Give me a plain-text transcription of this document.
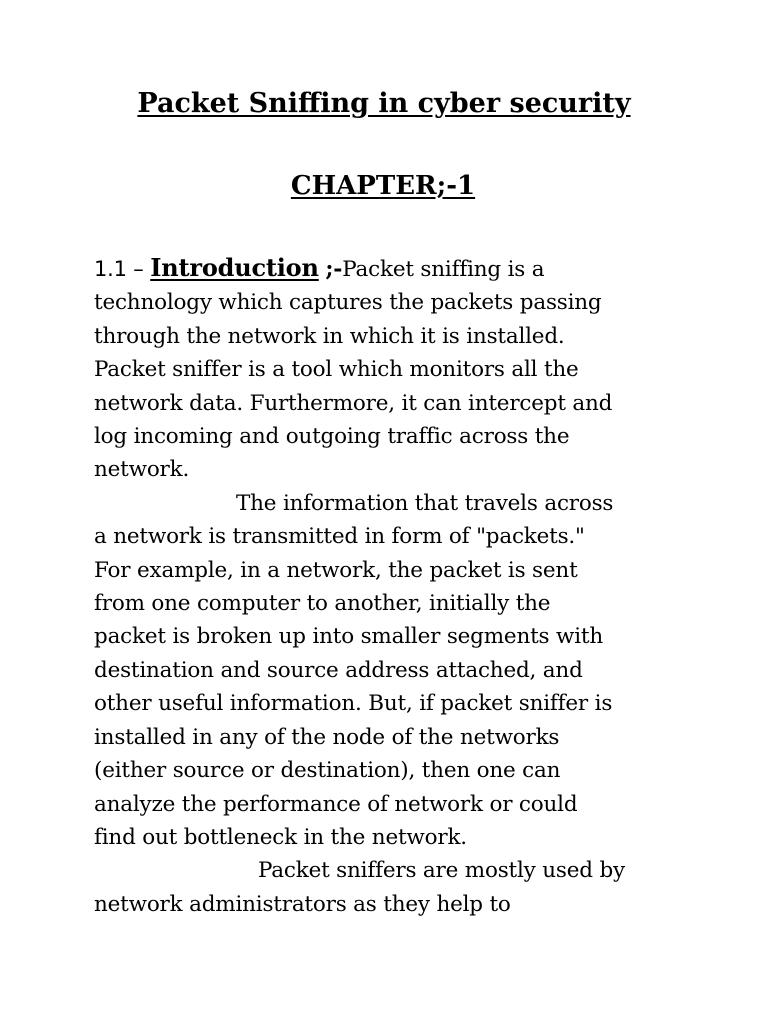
Packet Sniffing in cyber security
CHAPTER;-1
1.1 – Introduction ;-Packet sniffing is a
technology which captures the packets passing
through the network in which it is installed.
Packet sniffer is a tool which monitors all the
network data. Furthermore, it can intercept and
log incoming and outgoing traffic across the
network.
The information that travels across
a network is transmitted in form of "packets."
For example, in a network, the packet is sent
from one computer to another, initially the
packet is broken up into smaller segments with
destination and source address attached, and
other useful information. But, if packet sniffer is
installed in any of the node of the networks
(either source or destination), then one can
analyze the performance of network or could
find out bottleneck in the network.
Packet sniffers are mostly used by
network administrators as they help to
